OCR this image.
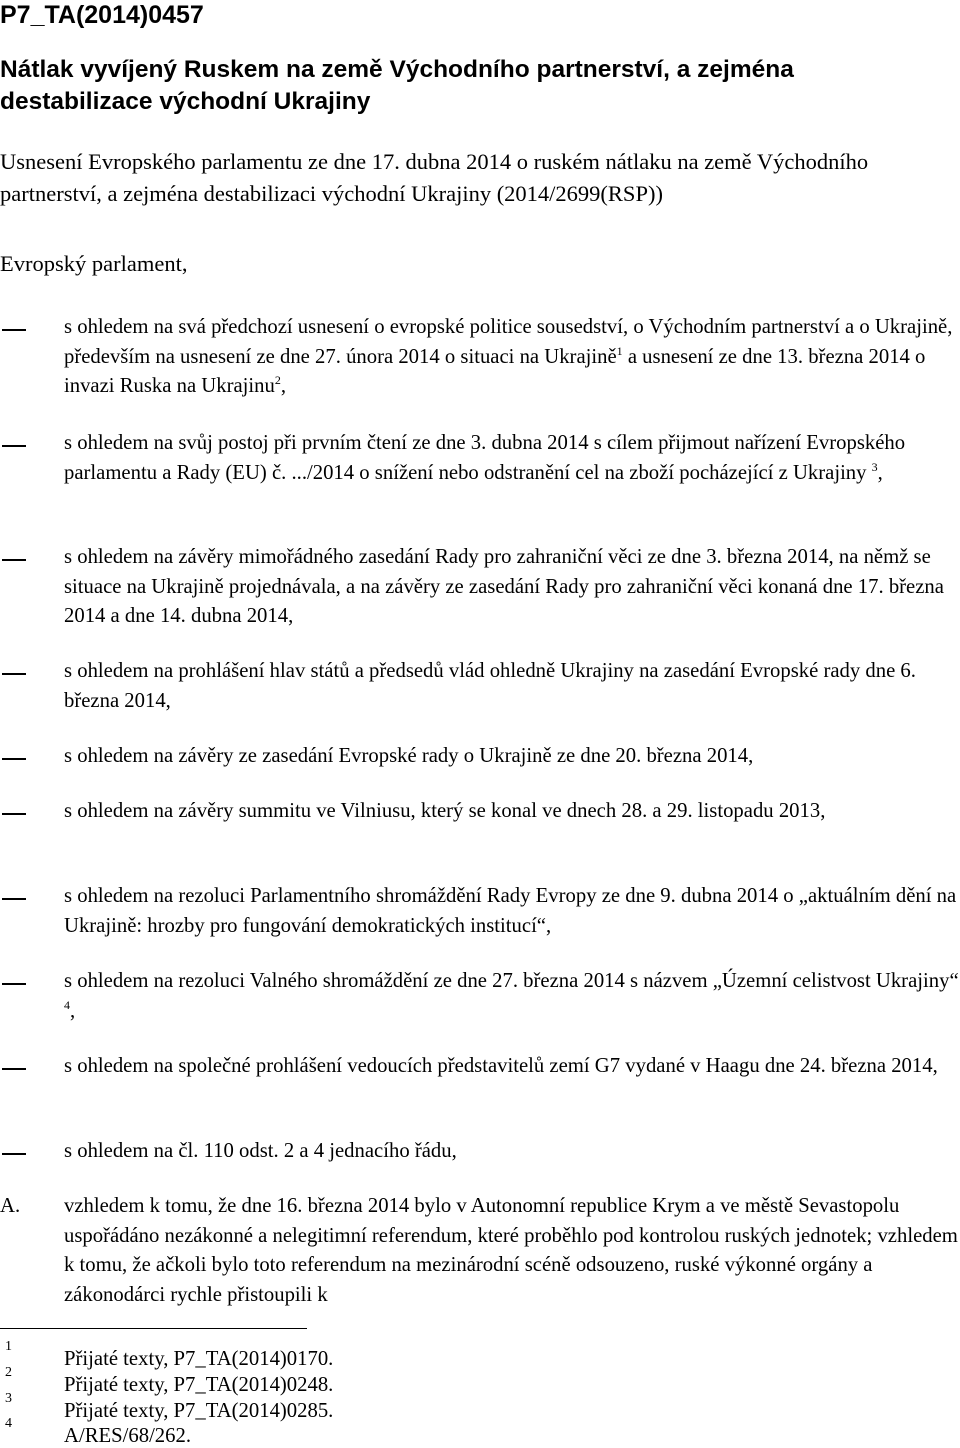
P7_TA(2014)0457
Nátlak vyvíjený Ruskem na země Východního partnerství, a zejména destabilizace východní Ukrajiny
Usnesení Evropského parlamentu ze dne 17. dubna 2014 o ruském nátlaku na země Východního partnerství, a zejména destabilizaci východní Ukrajiny (2014/2699(RSP))
Evropský parlament,
s ohledem na svá předchozí usnesení o evropské politice sousedství, o Východním partnerství a o Ukrajině, především na usnesení ze dne 27. února 2014 o situaci na Ukrajině$^1$ a usnesení ze dne 13. března 2014 o invazi Ruska na Ukrajinu$^2$,
s ohledem na svůj postoj při prvním čtení ze dne 3. dubna 2014 s cílem přijmout nařízení Evropského parlamentu a Rady (EU) č. .../2014 o snížení nebo odstranění cel na zboží pocházející z Ukrajiny $^3$,
s ohledem na závěry mimořádného zasedání Rady pro zahraniční věci ze dne 3. března 2014, na němž se situace na Ukrajině projednávala, a na závěry ze zasedání Rady pro zahraniční věci konaná dne 17. března 2014 a dne 14. dubna 2014,
s ohledem na prohlášení hlav států a předsedů vlád ohledně Ukrajiny na zasedání Evropské rady dne 6. března 2014,
s ohledem na závěry ze zasedání Evropské rady o Ukrajině ze dne 20. března 2014,
s ohledem na závěry summitu ve Vilniusu, který se konal ve dnech 28. a 29. listopadu 2013,
s ohledem na rezoluci Parlamentního shromáždění Rady Evropy ze dne 9. dubna 2014 o „aktuálním dění na Ukrajině: hrozby pro fungování demokratických institucí“,
s ohledem na rezoluci Valného shromáždění ze dne 27. března 2014 s názvem „Územní celistvost Ukrajiny“ $^4$,
s ohledem na společné prohlášení vedoucích představitelů zemí G7 vydané v Haagu dne 24. března 2014,
s ohledem na čl. 110 odst. 2 a 4 jednacího řádu,
A. vzhledem k tomu, že dne 16. března 2014 bylo v Autonomní republice Krym a ve městě Sevastopolu uspořádáno nezákonné a nelegitimní referendum, které proběhlo pod kontrolou ruských jednotek; vzhledem k tomu, že ačkoli bylo toto referendum na mezinárodní scéně odsouzeno, ruské výkonné orgány a zákonodárci rychle přistoupili k
1
Přijaté texty, P7_TA(2014)0170.
2
Přijaté texty, P7_TA(2014)0248.
3
Přijaté texty, P7_TA(2014)0285.
4
A/RES/68/262.
